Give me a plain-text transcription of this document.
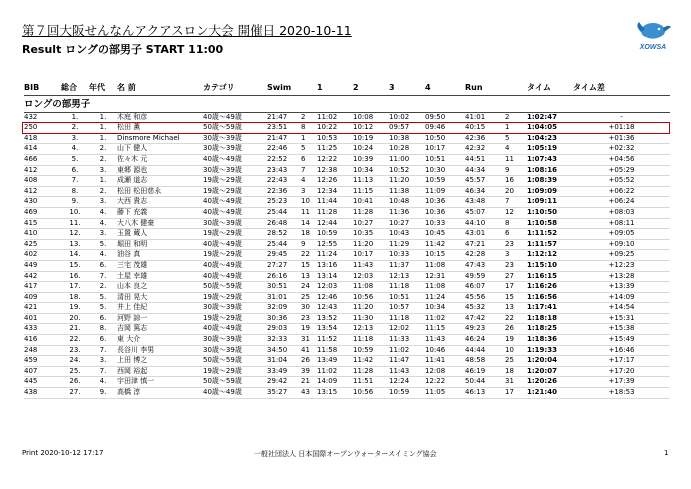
第７回大阪せんなんアクアスロン大会 開催日 2020-10-11
Result ロングの部男子 START 11:00	XOWSA
BIB	総合	年代	名 前	カテゴリ	Swim		1	2	3	4	Run		タイム	タイム差
ロングの部男子														
432	1.	1.	木庭 和彦	40歳〜49歳	21:47	2	11:02	10:08	10:02	09:50	41:01	2	1:02:47	-
250	2.	1.	松田 薫	50歳〜59歳	23:51	8	10:22	10:12	09:57	09:46	40:15	1	1:04:05	+01:18
418	3.	1.	Dinsmore Michael	30歳〜39歳	21:47	1	10:53	10:19	10:38	10:50	42:36	5	1:04:23	+01:36
414	4.	2.	山下 健人	30歳〜39歳	22:46	5	11:25	10:24	10:28	10:17	42:32	4	1:05:19	+02:32
466	5.	2.	佐々木 元	40歳〜49歳	22:52	6	12:22	10:39	11:00	10:51	44:51	11	1:07:43	+04:56
412	6.	3.	東郷 源也	30歳〜39歳	23:43	7	12:38	10:34	10:52	10:30	44:34	9	1:08:16	+05:29
408	7.	1.	成瀬 道志	19歳〜29歳	22:43	4	12:26	11:13	11:20	10:59	45:57	16	1:08:39	+05:52
412	8.	2.	松田 松田慈永	19歳〜29歳	22:36	3	12:34	11:15	11:38	11:09	46:34	20	1:09:09	+06:22
430	9.	3.	大西 貴志	40歳〜49歳	25:23	10	11:44	10:41	10:48	10:36	43:48	7	1:09:11	+06:24
469	10.	4.	藤下 充義	40歳〜49歳	25:44	11	11:28	11:28	11:36	10:36	45:07	12	1:10:50	+08:03
415	11.	4.	大八木 健豪	30歳〜39歳	26:48	14	12:44	10:27	10:27	10:33	44:10	8	1:10:58	+08:11
410	12.	3.	玉置 蔵人	19歳〜29歳	28:52	18	10:59	10:35	10:43	10:45	43:01	6	1:11:52	+09:05
425	13.	5.	堀田 和明	40歳〜49歳	25:44	9	12:55	11:20	11:29	11:42	47:21	23	1:11:57	+09:10
402	14.	4.	油谷 真	19歳〜29歳	29:45	22	11:24	10:17	10:33	10:15	42:28	3	1:12:12	+09:25
449	15.	6.	三宅 茂雄	40歳〜49歳	27:27	15	13:16	11:43	11:37	11:08	47:43	23	1:15:10	+12:23
442	16.	7.	土屋 幸雄	40歳〜49歳	26:16	13	13:14	12:03	12:13	12:31	49:59	27	1:16:15	+13:28
417	17.	2.	山本 良之	50歳〜59歳	30:51	24	12:03	11:08	11:18	11:08	46:07	17	1:16:26	+13:39
409	18.	5.	清田 晃大	19歳〜29歳	31:01	25	12:46	10:56	10:51	11:24	45:56	15	1:16:56	+14:09
421	19.	5.	井上 佳紀	30歳〜39歳	32:09	30	12:43	11:20	10:57	10:34	45:32	13	1:17:41	+14:54
401	20.	6.	河野 諒一	19歳〜29歳	30:36	23	13:52	11:30	11:18	11:02	47:42	22	1:18:18	+15:31
433	21.	8.	吉岡 篤志	40歳〜49歳	29:03	19	13:54	12:13	12:02	11:15	49:23	26	1:18:25	+15:38
416	22.	6.	東 大介	30歳〜39歳	32:33	31	11:52	11:18	11:33	11:43	46:24	19	1:18:36	+15:49
248	23.	7.	長谷川 李男	30歳〜39歳	34:50	41	11:58	10:59	11:02	10:46	44:44	10	1:19:33	+16:46
459	24.	3.	上田 博之	50歳〜59歳	31:04	26	13:49	11:42	11:47	11:41	48:58	25	1:20:04	+17:17
407	25.	7.	西岡 裕起	19歳〜29歳	33:49	39	11:02	11:28	11:43	12:08	46:19	18	1:20:07	+17:20
445	26.	4.	宇田津 慎一	50歳〜59歳	29:42	21	14:09	11:51	12:24	12:22	50:44	31	1:20:26	+17:39
438	27.	9.	高橋 淳	40歳〜49歳	35:27	43	13:15	10:56	10:59	11:05	46:13	17	1:21:40	+18:53
Print 2020-10-12 17:17	一般社団法人 日本国際オープンウォータースイミング協会	1
